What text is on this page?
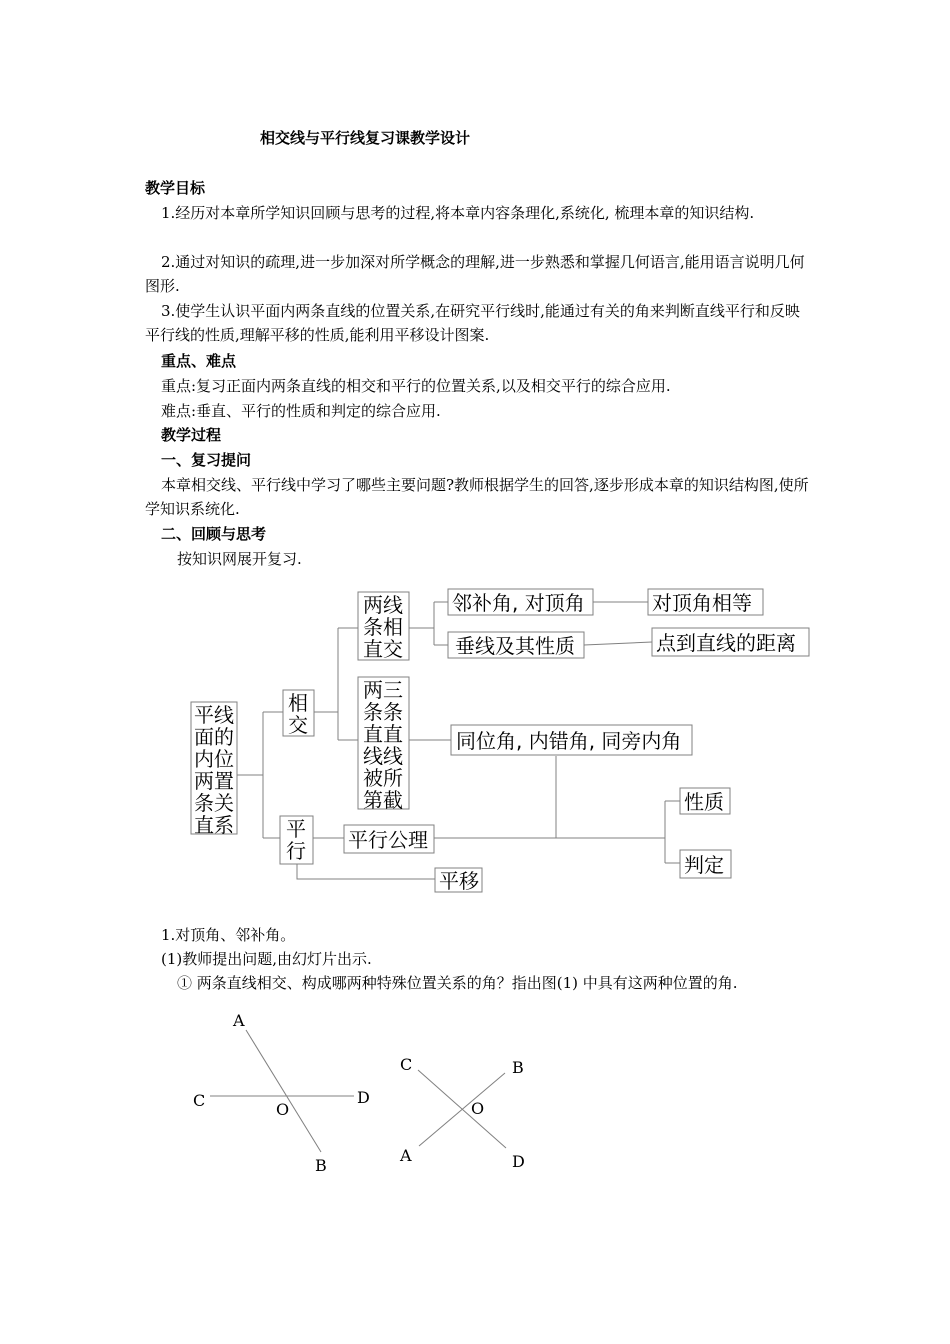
相交线与平行线复习课教学设计
教学目标
1.经历对本章所学知识回顾与思考的过程,将本章内容条理化,系统化, 梳理本章的知识结构.
2.通过对知识的疏理,进一步加深对所学概念的理解,进一步熟悉和掌握几何语言,能用语言说明几何图形.
3.使学生认识平面内两条直线的位置关系,在研究平行线时,能通过有关的角来判断直线平行和反映平行线的性质,理解平移的性质,能利用平移设计图案.
重点、难点
重点:复习正面内两条直线的相交和平行的位置关系,以及相交平行的综合应用.
难点:垂直、平行的性质和判定的综合应用.
教学过程
一、复习提问
本章相交线、平行线中学习了哪些主要问题?教师根据学生的回答,逐步形成本章的知识结构图,使所学知识系统化.
二、回顾与思考
按知识网展开复习.
平线 面的 内位 两置 条关 直系
相 交
平 行
两线 条相 直交
两三 条条 直直 线线 被所 第截
邻补角, 对顶角	对顶角相等
垂线及其性质	点到直线的距离
同位角, 内错角, 同旁内角
平行公理
性质
判定
平移
A
C	O
D
B
C	B
O
A	D
1.对顶角、邻补角。
(1)教师提出问题,由幻灯片出示.
① 两条直线相交、构成哪两种特殊位置关系的角？指出图(1) 中具有这两种位置的角.
